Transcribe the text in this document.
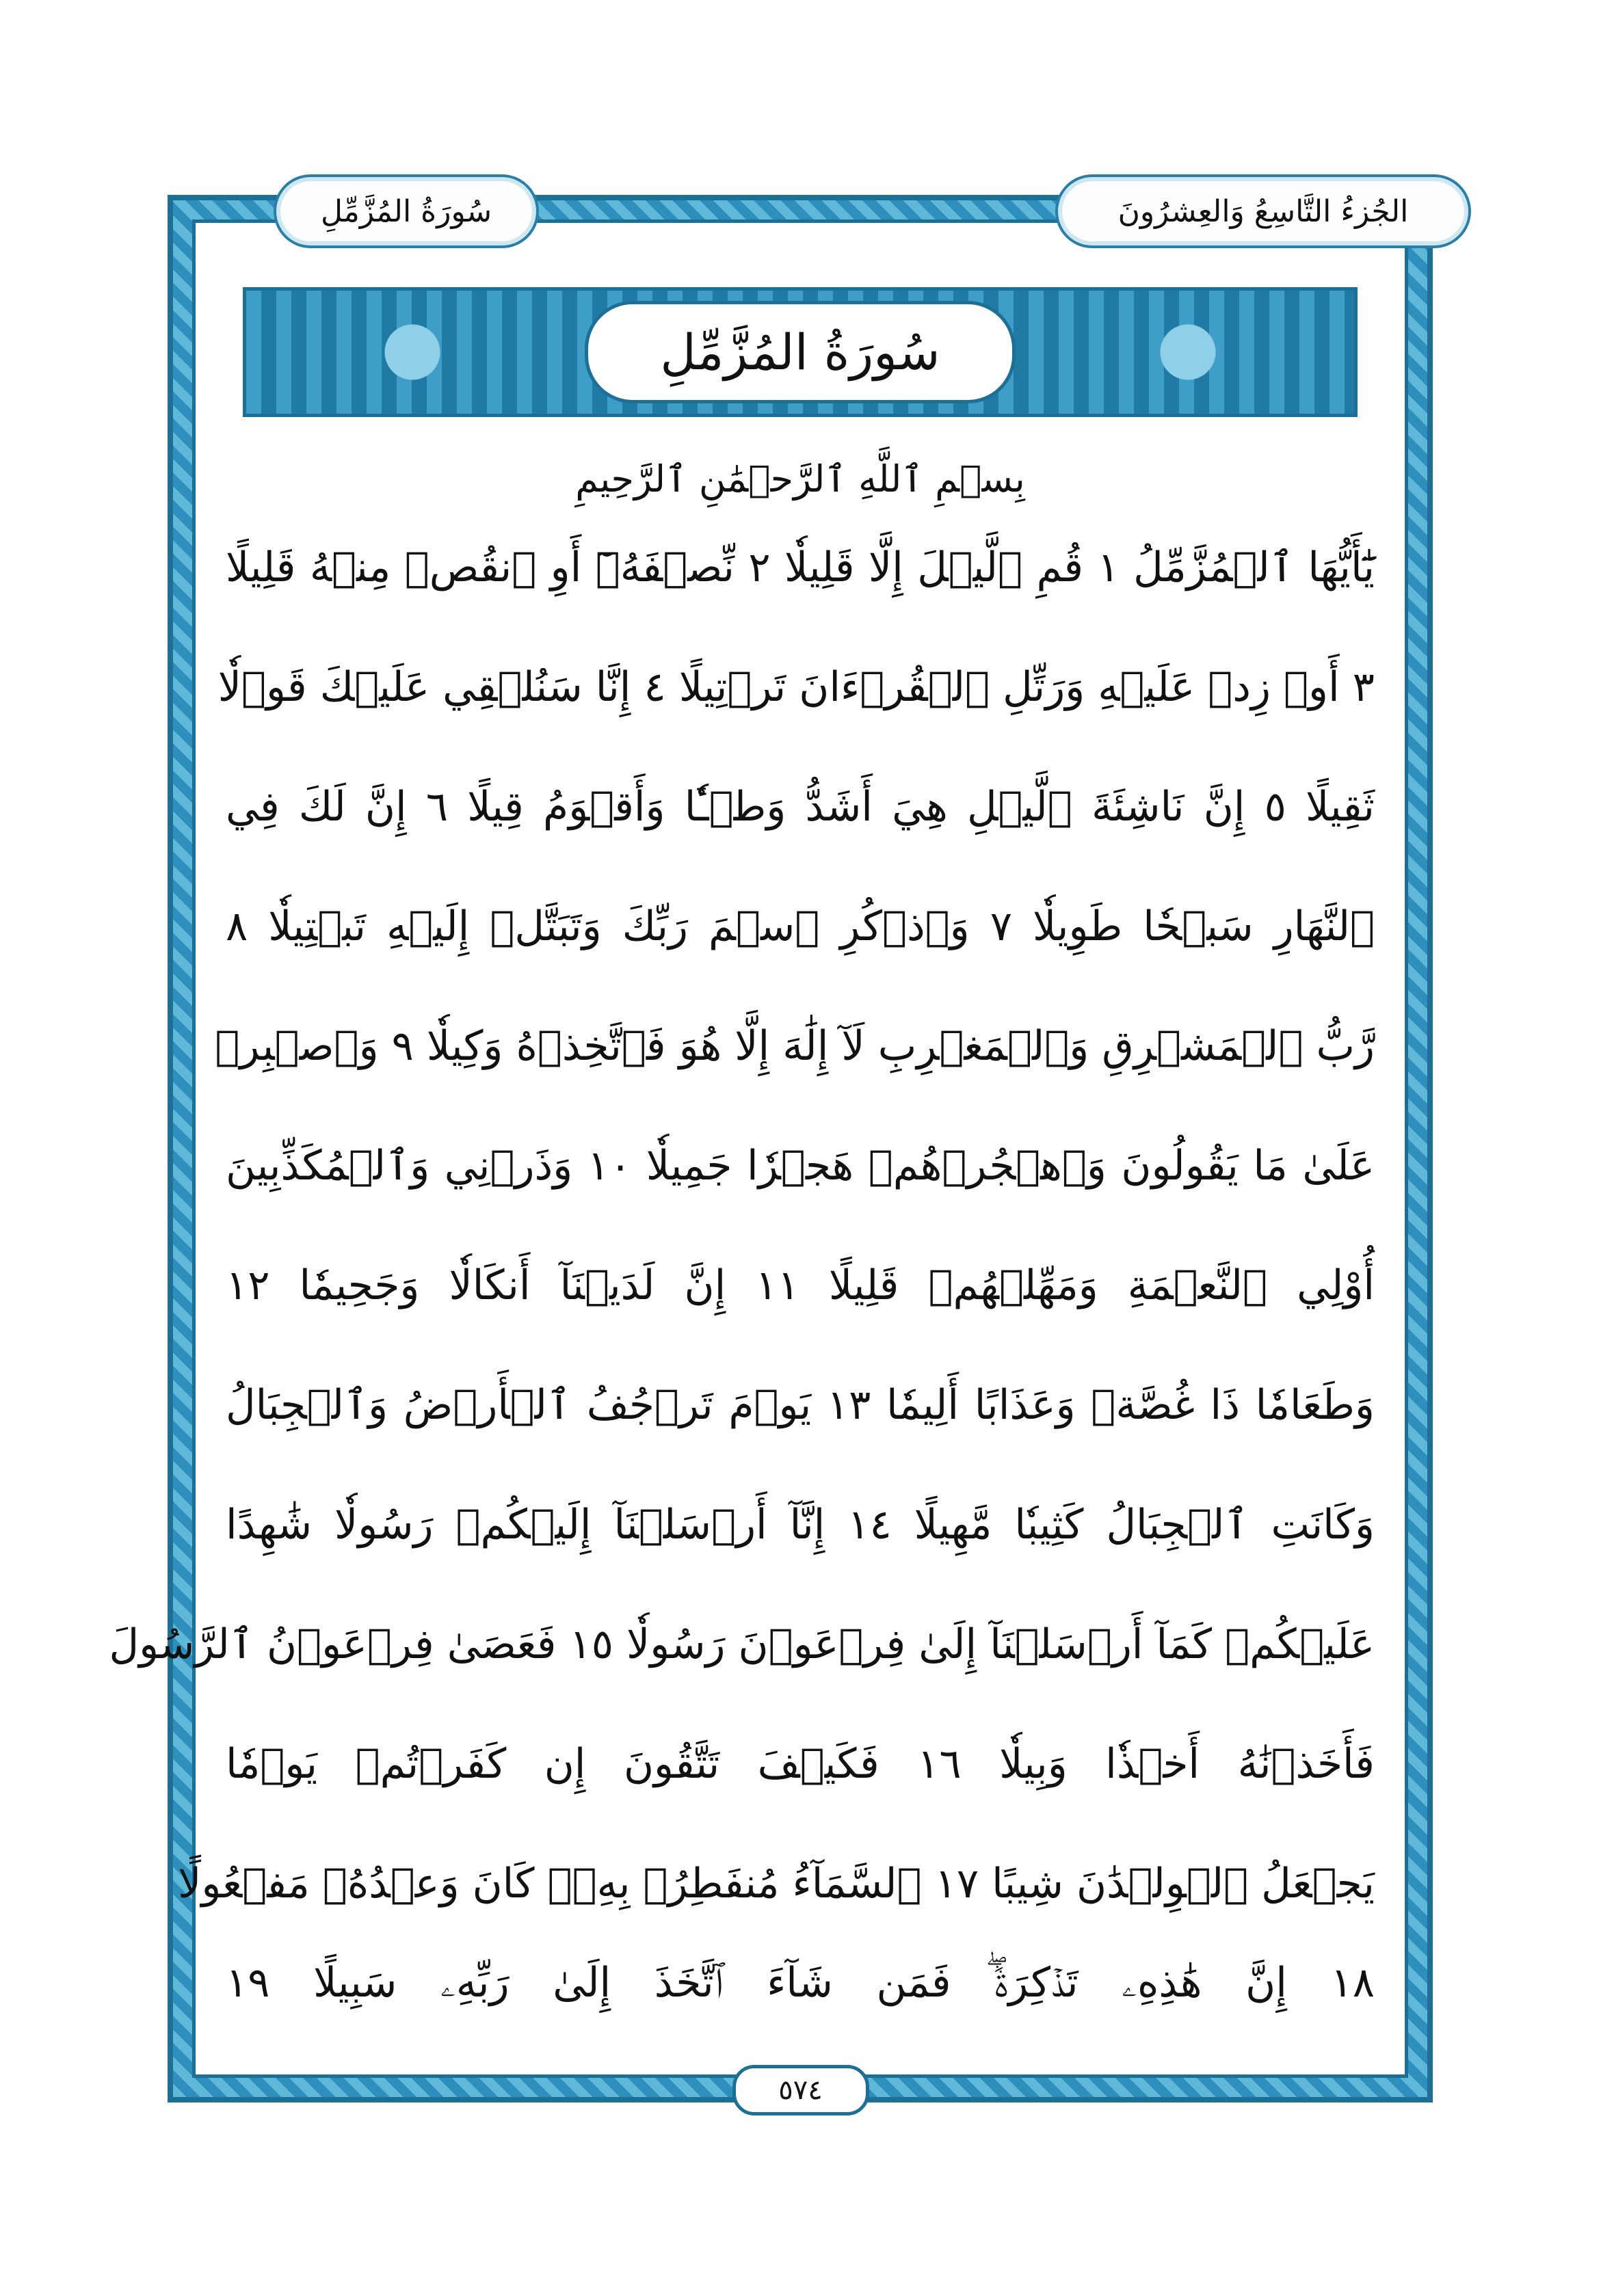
الجُزءُ التَّاسِعُ وَالعِشرُونَ
سُورَةُ المُزَّمِّلِ
سُورَةُ المُزَّمِّلِ
بِسۡمِ ٱللَّهِ ٱلرَّحۡمَٰنِ ٱلرَّحِيمِ
يَٰٓأَيُّهَا ٱلۡمُزَّمِّلُ ١ قُمِ ٱلَّيۡلَ إِلَّا قَلِيلٗا ٢ نِّصۡفَهُۥٓ أَوِ ٱنقُصۡ مِنۡهُ قَلِيلًا
٣ أَوۡ زِدۡ عَلَيۡهِ وَرَتِّلِ ٱلۡقُرۡءَانَ تَرۡتِيلًا ٤ إِنَّا سَنُلۡقِي عَلَيۡكَ قَوۡلٗا
ثَقِيلًا ٥ إِنَّ نَاشِئَةَ ٱلَّيۡلِ هِيَ أَشَدُّ وَطۡـٔٗا وَأَقۡوَمُ قِيلًا ٦ إِنَّ لَكَ فِي
ٱلنَّهَارِ سَبۡحٗا طَوِيلٗا ٧ وَٱذۡكُرِ ٱسۡمَ رَبِّكَ وَتَبَتَّلۡ إِلَيۡهِ تَبۡتِيلٗا ٨
رَّبُّ ٱلۡمَشۡرِقِ وَٱلۡمَغۡرِبِ لَآ إِلَٰهَ إِلَّا هُوَ فَٱتَّخِذۡهُ وَكِيلٗا ٩ وَٱصۡبِرۡ
عَلَىٰ مَا يَقُولُونَ وَٱهۡجُرۡهُمۡ هَجۡرٗا جَمِيلٗا ١٠ وَذَرۡنِي وَٱلۡمُكَذِّبِينَ
أُوْلِي ٱلنَّعۡمَةِ وَمَهِّلۡهُمۡ قَلِيلًا ١١ إِنَّ لَدَيۡنَآ أَنكَالٗا وَجَحِيمٗا ١٢
وَطَعَامٗا ذَا غُصَّةٖ وَعَذَابًا أَلِيمٗا ١٣ يَوۡمَ تَرۡجُفُ ٱلۡأَرۡضُ وَٱلۡجِبَالُ
وَكَانَتِ ٱلۡجِبَالُ كَثِيبٗا مَّهِيلًا ١٤ إِنَّآ أَرۡسَلۡنَآ إِلَيۡكُمۡ رَسُولٗا شَٰهِدًا
عَلَيۡكُمۡ كَمَآ أَرۡسَلۡنَآ إِلَىٰ فِرۡعَوۡنَ رَسُولٗا ١٥ فَعَصَىٰ فِرۡعَوۡنُ ٱلرَّسُولَ
فَأَخَذۡنَٰهُ أَخۡذٗا وَبِيلٗا ١٦ فَكَيۡفَ تَتَّقُونَ إِن كَفَرۡتُمۡ يَوۡمٗا
يَجۡعَلُ ٱلۡوِلۡدَٰنَ شِيبًا ١٧ ٱلسَّمَآءُ مُنفَطِرُۢ بِهِۦۚ كَانَ وَعۡدُهُۥ مَفۡعُولًا
١٨ إِنَّ هَٰذِهِۦ تَذۡكِرَةٞۖ فَمَن شَآءَ ٱتَّخَذَ إِلَىٰ رَبِّهِۦ سَبِيلًا ١٩
٥٧٤
